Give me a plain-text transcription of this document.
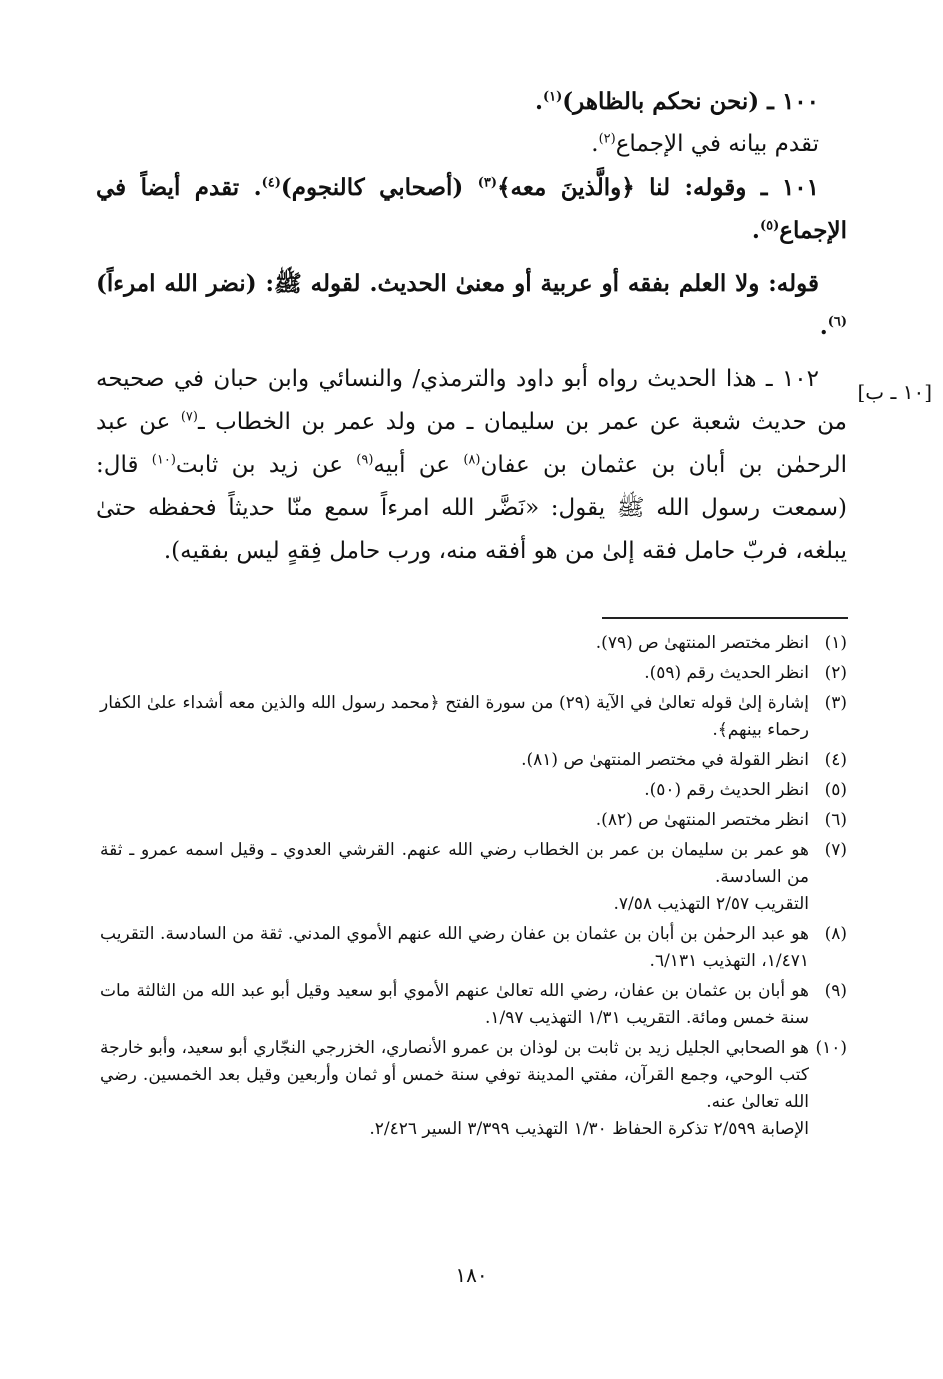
١٠٠ ـ (نحن نحكم بالظاهر)$^{(١)}$.

تقدم بيانه في الإجماع$^{(٢)}$.

١٠١ ـ وقوله: لنا ﴿والَّذينَ معه﴾$^{(٣)}$ (أصحابي كالنجوم)$^{(٤)}$. تقدم أيضاً في الإجماع$^{(٥)}$.

قوله: ولا العلم بفقه أو عربية أو معنىٰ الحديث. لقوله ﷺ: (نضر الله امرءاً)$^{(٦)}$.

١٠٢ ـ هذا الحديث رواه أبو داود والترمذي/ والنسائي وابن حبان في صحيحه من حديث شعبة عن عمر بن سليمان ـ من ولد عمر بن الخطاب ـ$^{(٧)}$ عن عبد الرحمٰن بن أبان بن عثمان بن عفان$^{(٨)}$ عن أبيه$^{(٩)}$ عن زيد بن ثابت$^{(١٠)}$ قال: (سمعت رسول الله ﷺ يقول: «نَضَّر الله امرءاً سمع منّا حديثاً فحفظه حتىٰ يبلغه، فربّ حامل فقه إلىٰ من هو أفقه منه، ورب حامل فِقهٍ ليس بفقيه).

[١٠ ـ ب]
(١)
انظر مختصر المنتهىٰ ص (٧٩).
(٢)
انظر الحديث رقم (٥٩).
(٣)
إشارة إلىٰ قوله تعالىٰ في الآية (٢٩) من سورة الفتح ﴿محمد رسول الله والذين معه أشداء علىٰ الكفار رحماء بينهم﴾.
(٤)
انظر القولة في مختصر المنتهىٰ ص (٨١).
(٥)
انظر الحديث رقم (٥٠).
(٦)
انظر مختصر المنتهىٰ ص (٨٢).
(٧)
هو عمر بن سليمان بن عمر بن الخطاب رضي الله عنهم. القرشي العدوي ـ وقيل اسمه عمرو ـ ثقة من السادسة.
التقريب ٢/٥٧ التهذيب ٧/٥٨.
(٨)
هو عبد الرحمٰن بن أبان بن عثمان بن عفان رضي الله عنهم الأموي المدني. ثقة من السادسة. التقريب ١/٤٧١، التهذيب ٦/١٣١.
(٩)
هو أبان بن عثمان بن عفان، رضي الله تعالىٰ عنهم الأموي أبو سعيد وقيل أبو عبد الله من الثالثة مات سنة خمس ومائة. التقريب ١/٣١ التهذيب ١/٩٧.
(١٠)
هو الصحابي الجليل زيد بن ثابت بن لوذان بن عمرو الأنصاري، الخزرجي النجّاري أبو سعيد، وأبو خارجة كتب الوحي، وجمع القرآن، مفتي المدينة توفي سنة خمس أو ثمان وأربعين وقيل بعد الخمسين. رضي الله تعالىٰ عنه.
الإصابة ٢/٥٩٩ تذكرة الحفاظ ١/٣٠ التهذيب ٣/٣٩٩ السير ٢/٤٢٦.
١٨٠
